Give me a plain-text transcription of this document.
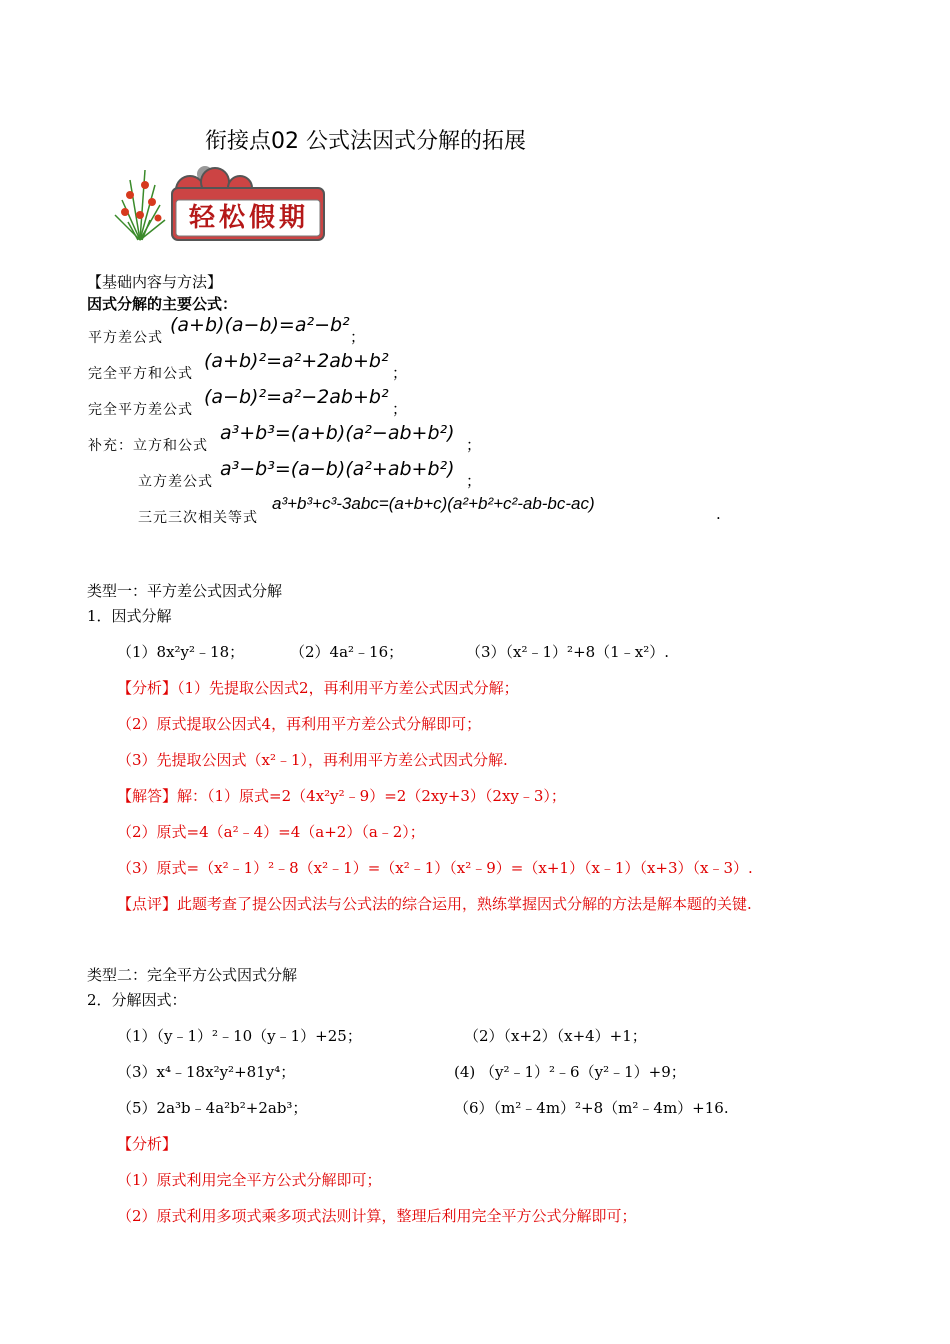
衔接点02 公式法因式分解的拓展
轻松假期
【基础内容与方法】
因式分解的主要公式：
平方差公式
(a+b)(a−b)=a²−b²
；
完全平方和公式
(a+b)²=a²+2ab+b²
；
完全平方差公式
(a−b)²=a²−2ab+b²
；
补充：立方和公式
a³+b³=(a+b)(a²−ab+b²)
；
立方差公式
a³−b³=(a−b)(a²+ab+b²)
；
三元三次相关等式
a³+b³+c³-3abc=(a+b+c)(a²+b²+c²-ab-bc-ac)
.
类型一：平方差公式因式分解
1．因式分解
（1）8x²y²﹣18；	（2）4a²﹣16；	（3）（x²﹣1）²+8（1﹣x²）.
【分析】（1）先提取公因式2，再利用平方差公式因式分解；
（2）原式提取公因式4，再利用平方差公式分解即可；
（3）先提取公因式（x²﹣1），再利用平方差公式因式分解.
【解答】解：（1）原式=2（4x²y²﹣9）=2（2xy+3）（2xy﹣3）；
（2）原式=4（a²﹣4）=4（a+2）（a﹣2）；
（3）原式=（x²﹣1）²﹣8（x²﹣1）=（x²﹣1）（x²﹣9）=（x+1）（x﹣1）（x+3）（x﹣3）.
【点评】此题考查了提公因式法与公式法的综合运用，熟练掌握因式分解的方法是解本题的关键.
类型二：完全平方公式因式分解
2．分解因式：
（1）（y﹣1）²﹣10（y﹣1）+25；	（2）（x+2）（x+4）+1；
（3）x⁴﹣18x²y²+81y⁴；	(4) （y²﹣1）²﹣6（y²﹣1）+9；
（5）2a³b﹣4a²b²+2ab³；	（6）（m²﹣4m）²+8（m²﹣4m）+16.
【分析】
（1）原式利用完全平方公式分解即可；
（2）原式利用多项式乘多项式法则计算，整理后利用完全平方公式分解即可；
